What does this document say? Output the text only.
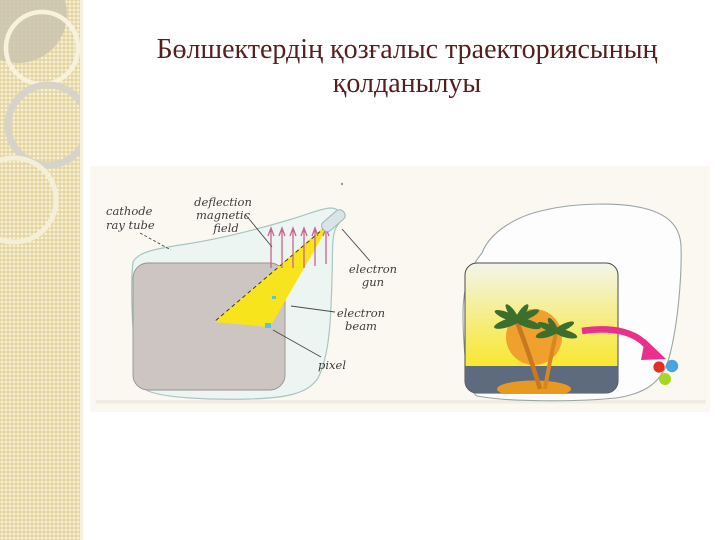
Бөлшектердің қозғалыс траекториясының
қолданылуы
cathode
ray tube
deflection
magnetic
field
electron
gun
electron
beam
pixel
